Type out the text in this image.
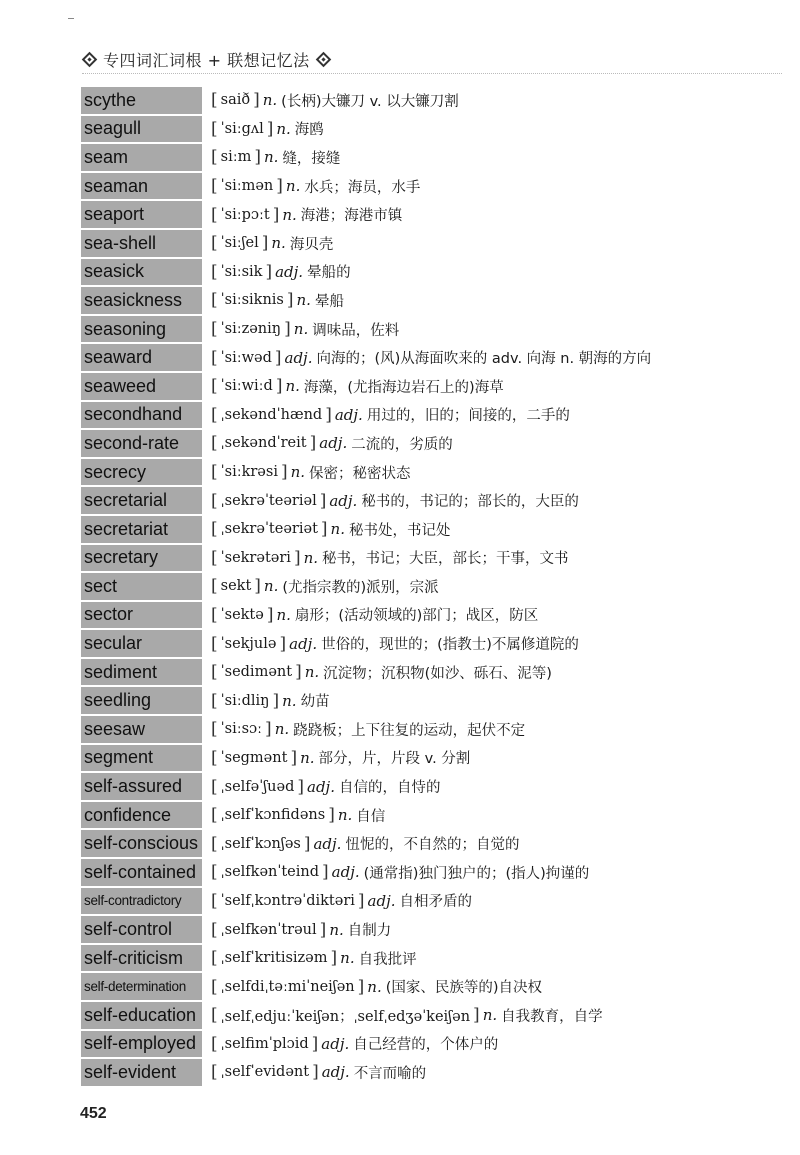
专四词汇词根 + 联想记忆法
scythe	[ saið ] n. (长柄)大镰刀 v. 以大镰刀割
seagull	[ ˈsiːgʌl ] n. 海鸥
seam	[ siːm ] n. 缝，接缝
seaman	[ ˈsiːmən ] n. 水兵；海员，水手
seaport	[ ˈsiːpɔːt ] n. 海港；海港市镇
sea-shell	[ ˈsiːʃel ] n. 海贝壳
seasick	[ ˈsiːsik ] adj. 晕船的
seasickness	[ ˈsiːsiknis ] n. 晕船
seasoning	[ ˈsiːzəniŋ ] n. 调味品，佐料
seaward	[ ˈsiːwəd ] adj. 向海的；(风)从海面吹来的 adv. 向海 n. 朝海的方向
seaweed	[ ˈsiːwiːd ] n. 海藻，(尤指海边岩石上的)海草
secondhand	[ ˌsekəndˈhænd ] adj. 用过的，旧的；间接的，二手的
second-rate	[ ˌsekəndˈreit ] adj. 二流的，劣质的
secrecy	[ ˈsiːkrəsi ] n. 保密；秘密状态
secretarial	[ ˌsekrəˈteəriəl ] adj. 秘书的，书记的；部长的，大臣的
secretariat	[ ˌsekrəˈteəriət ] n. 秘书处，书记处
secretary	[ ˈsekrətəri ] n. 秘书，书记；大臣，部长；干事，文书
sect	[ sekt ] n. (尤指宗教的)派别，宗派
sector	[ ˈsektə ] n. 扇形；(活动领域的)部门；战区，防区
secular	[ ˈsekjulə ] adj. 世俗的，现世的；(指教士)不属修道院的
sediment	[ ˈsedimənt ] n. 沉淀物；沉积物(如沙、砾石、泥等)
seedling	[ ˈsiːdliŋ ] n. 幼苗
seesaw	[ ˈsiːsɔː ] n. 跷跷板；上下往复的运动，起伏不定
segment	[ ˈsegmənt ] n. 部分，片，片段 v. 分割
self-assured	[ ˌselfəˈʃuəd ] adj. 自信的，自恃的
confidence	[ ˌselfˈkɔnfidəns ] n. 自信
self-conscious [ ˌselfˈkɔnʃəs ] adj. 忸怩的，不自然的；自觉的
self-contained [ ˌselfkənˈteind ] adj. (通常指)独门独户的；(指人)拘谨的
self-contradictory	[ ˈselfˌkɔntrəˈdiktəri ] adj. 自相矛盾的
self-control	[ ˌselfkənˈtrəul ] n. 自制力
self-criticism	[ ˌselfˈkritisizəm ] n. 自我批评
self-determination	[ ˌselfdiˌtəːmiˈneiʃən ] n. (国家、民族等的)自决权
self-education [ ˌselfˌedjuːˈkeiʃən；ˌselfˌedʒəˈkeiʃən ] n. 自我教育，自学
self-employed [ ˌselfimˈplɔid ] adj. 自己经营的，个体户的
self-evident	[ ˌselfˈevidənt ] adj. 不言而喻的
452
